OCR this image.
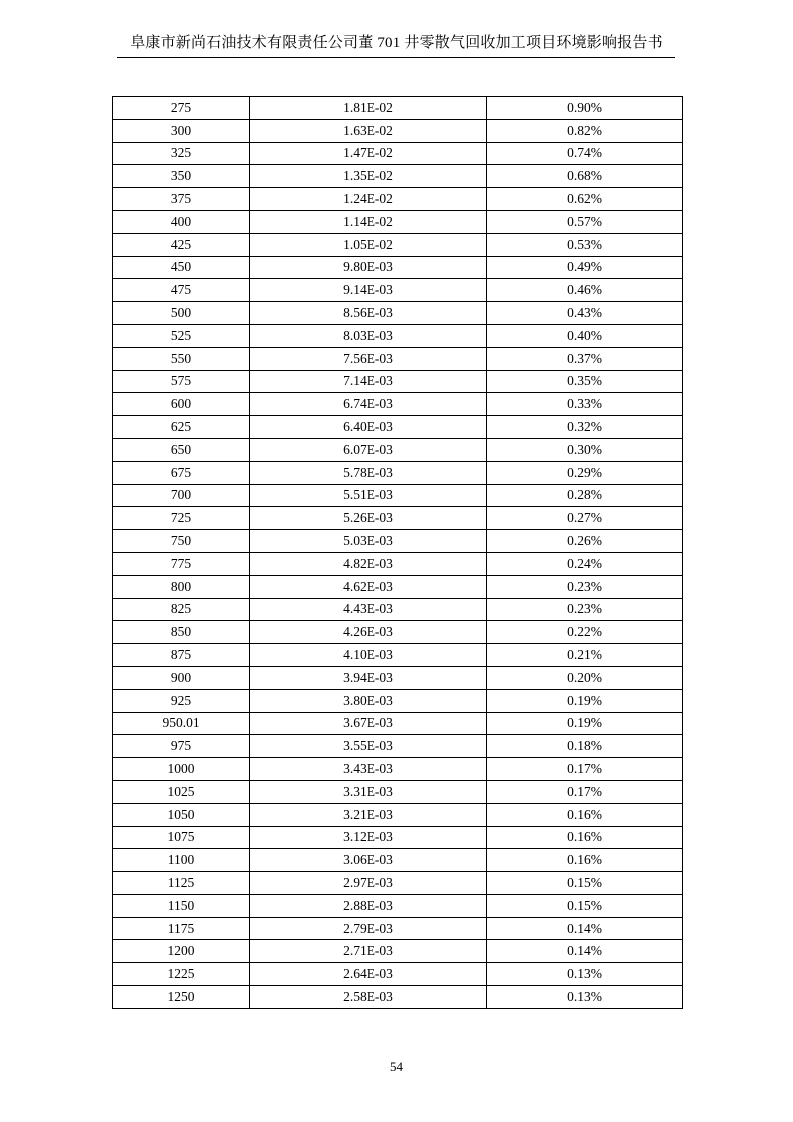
阜康市新尚石油技术有限责任公司董 701 井零散气回收加工项目环境影响报告书
275	1.81E-02	0.90%
300	1.63E-02	0.82%
325	1.47E-02	0.74%
350	1.35E-02	0.68%
375	1.24E-02	0.62%
400	1.14E-02	0.57%
425	1.05E-02	0.53%
450	9.80E-03	0.49%
475	9.14E-03	0.46%
500	8.56E-03	0.43%
525	8.03E-03	0.40%
550	7.56E-03	0.37%
575	7.14E-03	0.35%
600	6.74E-03	0.33%
625	6.40E-03	0.32%
650	6.07E-03	0.30%
675	5.78E-03	0.29%
700	5.51E-03	0.28%
725	5.26E-03	0.27%
750	5.03E-03	0.26%
775	4.82E-03	0.24%
800	4.62E-03	0.23%
825	4.43E-03	0.23%
850	4.26E-03	0.22%
875	4.10E-03	0.21%
900	3.94E-03	0.20%
925	3.80E-03	0.19%
950.01	3.67E-03	0.19%
975	3.55E-03	0.18%
1000	3.43E-03	0.17%
1025	3.31E-03	0.17%
1050	3.21E-03	0.16%
1075	3.12E-03	0.16%
1100	3.06E-03	0.16%
1125	2.97E-03	0.15%
1150	2.88E-03	0.15%
1175	2.79E-03	0.14%
1200	2.71E-03	0.14%
1225	2.64E-03	0.13%
1250	2.58E-03	0.13%
54
